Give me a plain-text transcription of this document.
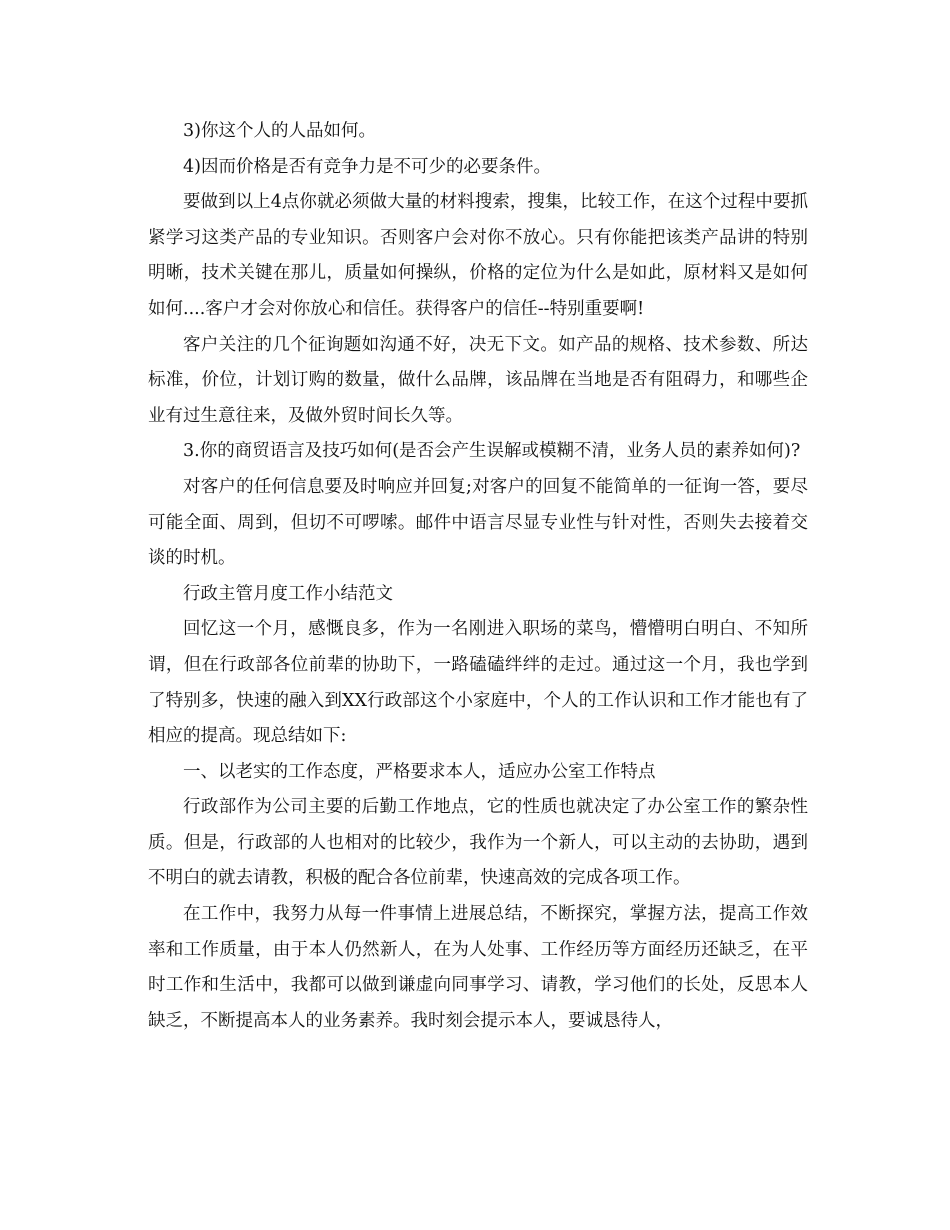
3)你这个人的人品如何。

4)因而价格是否有竞争力是不可少的必要条件。

要做到以上4点你就必须做大量的材料搜索，搜集，比较工作，在这个过程中要抓紧学习这类产品的专业知识。否则客户会对你不放心。只有你能把该类产品讲的特别明晰，技术关键在那儿，质量如何操纵，价格的定位为什么是如此，原材料又是如何如何....客户才会对你放心和信任。获得客户的信任--特别重要啊!

客户关注的几个征询题如沟通不好，决无下文。如产品的规格、技术参数、所达标准，价位，计划订购的数量，做什么品牌，该品牌在当地是否有阻碍力，和哪些企业有过生意往来，及做外贸时间长久等。

3.你的商贸语言及技巧如何(是否会产生误解或模糊不清，业务人员的素养如何)?

对客户的任何信息要及时响应并回复;对客户的回复不能简单的一征询一答，要尽可能全面、周到，但切不可啰嗦。邮件中语言尽显专业性与针对性，否则失去接着交谈的时机。

行政主管月度工作小结范文

回忆这一个月，感慨良多，作为一名刚进入职场的菜鸟，懵懵明白明白、不知所谓，但在行政部各位前辈的协助下，一路磕磕绊绊的走过。通过这一个月，我也学到了特别多，快速的融入到XX行政部这个小家庭中，个人的工作认识和工作才能也有了相应的提高。现总结如下:

一、以老实的工作态度，严格要求本人，适应办公室工作特点

行政部作为公司主要的后勤工作地点，它的性质也就决定了办公室工作的繁杂性质。但是，行政部的人也相对的比较少，我作为一个新人，可以主动的去协助，遇到不明白的就去请教，积极的配合各位前辈，快速高效的完成各项工作。

在工作中，我努力从每一件事情上进展总结，不断探究，掌握方法，提高工作效率和工作质量，由于本人仍然新人，在为人处事、工作经历等方面经历还缺乏，在平时工作和生活中，我都可以做到谦虚向同事学习、请教，学习他们的长处，反思本人缺乏，不断提高本人的业务素养。我时刻会提示本人，要诚恳待人，
